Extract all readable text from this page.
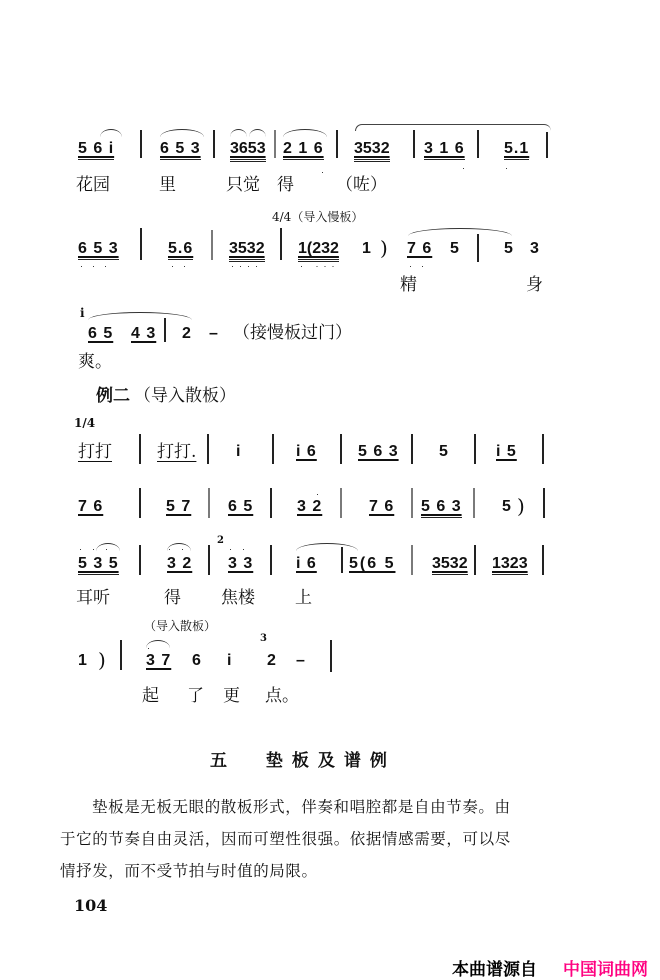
5 6 i	6 5 3 3653 2 1 6
·
3532 3 1 6
·
5.1
·
花园	里	只觉 得 （咗）
4/4（导入慢板）
6 5 3
···
5.6
··
3532
····
1(232
· ···
1 ) 7 6
··
5	5 3
精	身
i
6 5 4 3 2 – （接慢板过门）
爽。
例二 （导入散板）
1/4
打打	打打. i	i 6	5 6 3	5	i 5
7 6	5 7 6 5	3 2
·
7 6 5 6 3	5 )
···
5 3 5
··
3 2
2
··
3 3	i 6 5(6 5 3532 1323
耳听	得 焦楼 上
（导入散板）
1 )	·
3 7 6 i
3
2 –
起 了 更 点。
五  垫板及谱例
垫板是无板无眼的散板形式，伴奏和唱腔都是自由节奏。由
于它的节奏自由灵活，因而可塑性很强。依据情感需要，可以尽
情抒发，而不受节拍与时值的局限。
104
本曲谱源自 中国词曲网
